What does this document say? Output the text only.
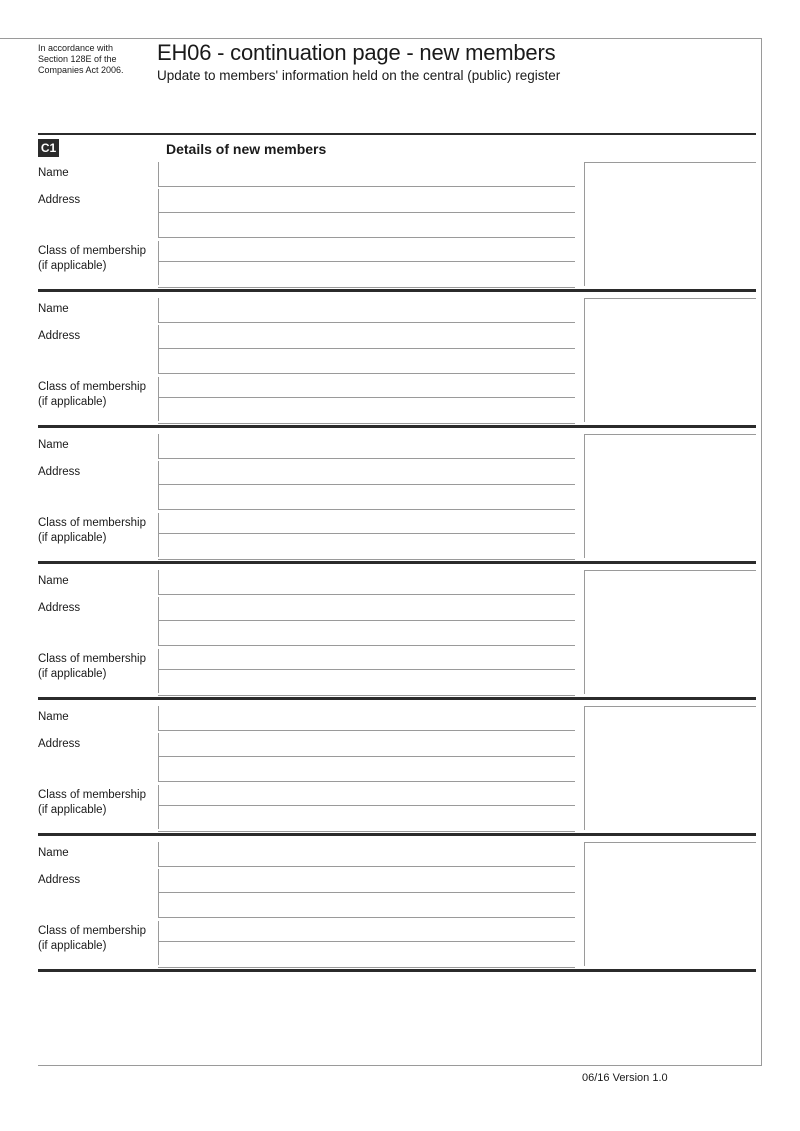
In accordance with
Section 128E of the
Companies Act 2006.
EH06 - continuation page - new members
Update to members' information held on the central (public) register
C1	Details of new members
Name
Address
Class of membership
(if applicable)
Name
Address
Class of membership
(if applicable)
Name
Address
Class of membership
(if applicable)
Name
Address
Class of membership
(if applicable)
Name
Address
Class of membership
(if applicable)
Name
Address
Class of membership
(if applicable)
06/16 Version 1.0
